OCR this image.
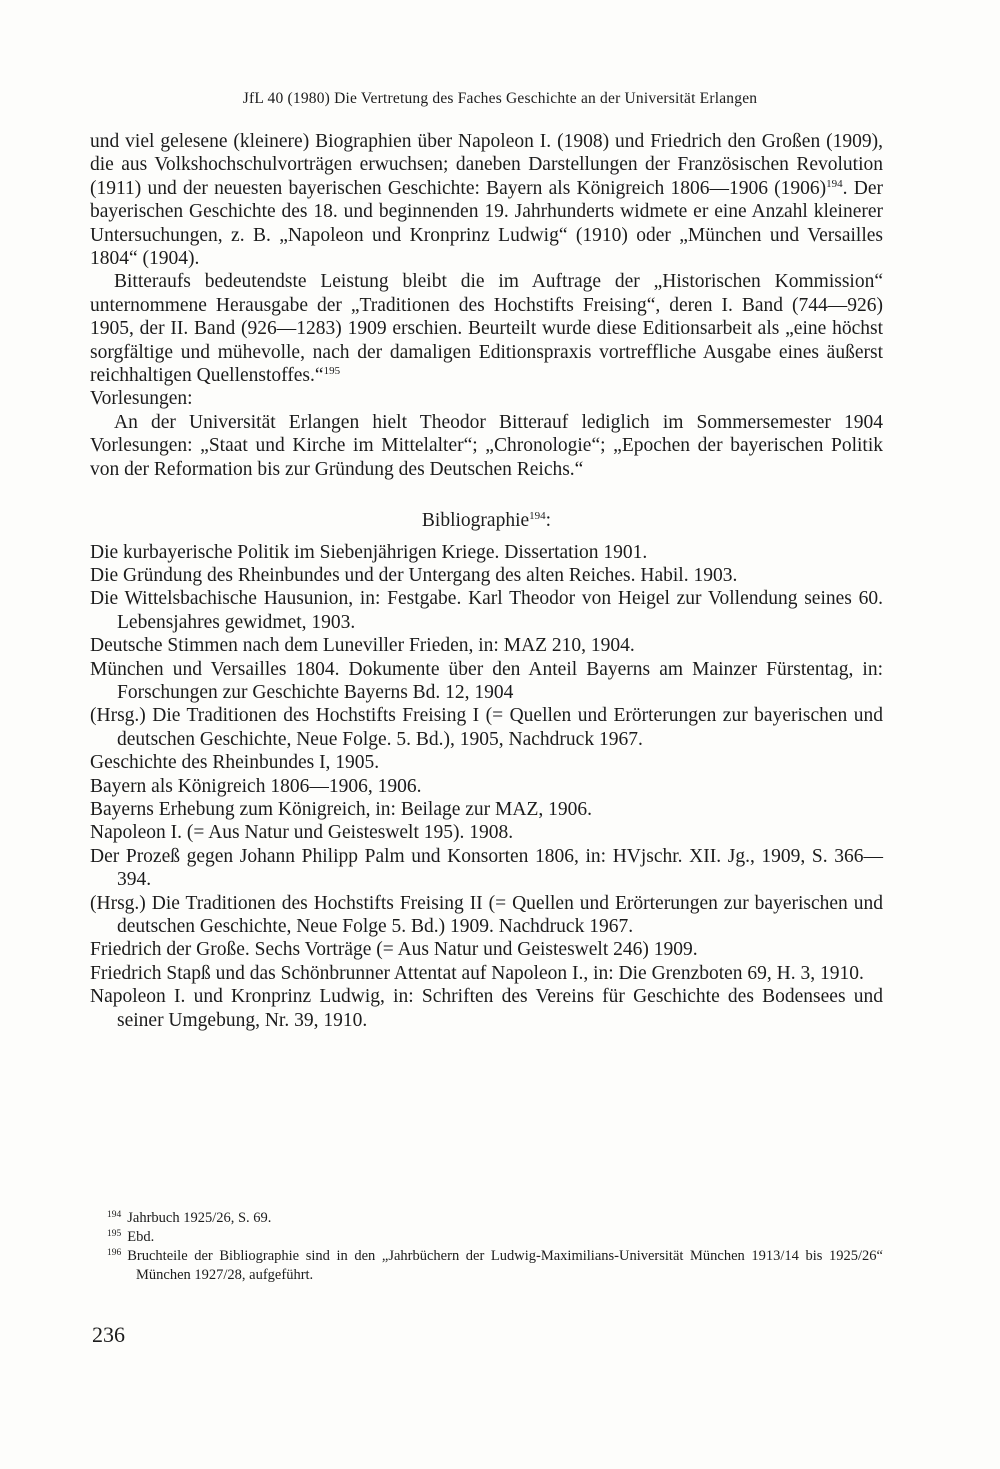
JfL 40 (1980) Die Vertretung des Faches Geschichte an der Universität Erlangen

und viel gelesene (kleinere) Biographien über Napoleon I. (1908) und Friedrich den Großen (1909), die aus Volkshochschulvorträgen erwuchsen; daneben Darstellungen der Französischen Revolution (1911) und der neuesten bayerischen Geschichte: Bayern als Königreich 1806—1906 $(1906)^{194}$. Der bayerischen Geschichte des 18. und beginnenden 19. Jahrhunderts widmete er eine Anzahl kleinerer Untersuchungen, z. B. „Napoleon und Kronprinz Ludwig“ (1910) oder „München und Versailles 1804“ (1904).

Bitteraufs bedeutendste Leistung bleibt die im Auftrage der „Historischen Kommission“ unternommene Herausgabe der „Traditionen des Hochstifts Freising“, deren I. Band (744—926) 1905, der II. Band (926—1283) 1909 erschien. Beurteilt wurde diese Editionsarbeit als „eine höchst sorgfältige und mühevolle, nach der damaligen Editionspraxis vortreffliche Ausgabe eines äußerst reichhaltigen Quellenstoffes.“$^{195}$

Vorlesungen:

An der Universität Erlangen hielt Theodor Bitterauf lediglich im Sommersemester 1904 Vorlesungen: „Staat und Kirche im Mittelalter“; „Chronologie“; „Epochen der bayerischen Politik von der Reformation bis zur Gründung des Deutschen Reichs.“

Bibliographie$^{194}$:

Die kurbayerische Politik im Siebenjährigen Kriege. Dissertation 1901.
Die Gründung des Rheinbundes und der Untergang des alten Reiches. Habil. 1903.
Die Wittelsbachische Hausunion, in: Festgabe. Karl Theodor von Heigel zur Vollendung seines 60. Lebensjahres gewidmet, 1903.
Deutsche Stimmen nach dem Luneviller Frieden, in: MAZ 210, 1904.
München und Versailles 1804. Dokumente über den Anteil Bayerns am Mainzer Fürstentag, in: Forschungen zur Geschichte Bayerns Bd. 12, 1904
(Hrsg.) Die Traditionen des Hochstifts Freising I (= Quellen und Erörterungen zur bayerischen und deutschen Geschichte, Neue Folge. 5. Bd.), 1905, Nachdruck 1967.
Geschichte des Rheinbundes I, 1905.
Bayern als Königreich 1806—1906, 1906.
Bayerns Erhebung zum Königreich, in: Beilage zur MAZ, 1906.
Napoleon I. (= Aus Natur und Geisteswelt 195). 1908.
Der Prozeß gegen Johann Philipp Palm und Konsorten 1806, in: HVjschr. XII. Jg., 1909, S. 366—394.
(Hrsg.) Die Traditionen des Hochstifts Freising II (= Quellen und Erörterungen zur bayerischen und deutschen Geschichte, Neue Folge 5. Bd.) 1909. Nachdruck 1967.
Friedrich der Große. Sechs Vorträge (= Aus Natur und Geisteswelt 246) 1909.
Friedrich Stapß und das Schönbrunner Attentat auf Napoleon I., in: Die Grenzboten 69, H. 3, 1910.
Napoleon I. und Kronprinz Ludwig, in: Schriften des Vereins für Geschichte des Bodensees und seiner Umgebung, Nr. 39, 1910.
$^{194}$ Jahrbuch 1925/26, S. 69.
$^{195}$ Ebd.
$^{196}$ Bruchteile der Bibliographie sind in den „Jahrbüchern der Ludwig-Maximilians-Universität München 1913/14 bis 1925/26“ München 1927/28, aufgeführt.
236
